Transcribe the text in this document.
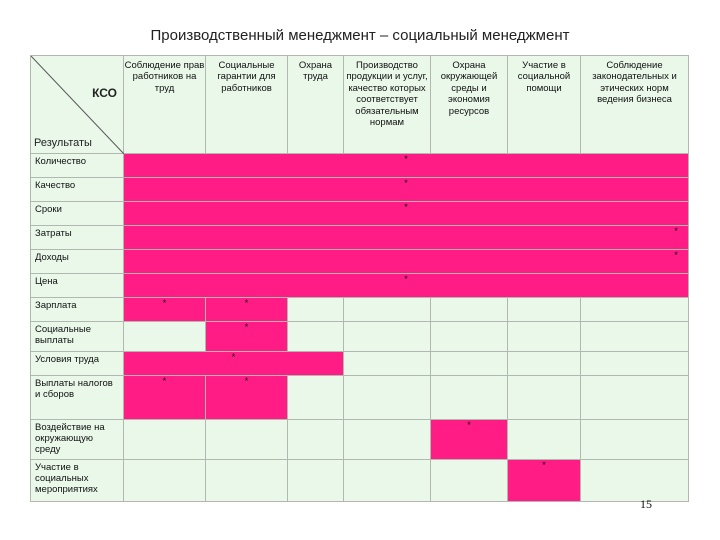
Производственный менеджмент – социальный менеджмент
КСО
Результаты	Соблюдение прав работников на труд	Социальные гарантии для работников	Охрана труда	Производство продукции и услуг, качество которых соответствует обязательным нормам	Охрана окружающей среды и экономия ресурсов	Участие в социальной помощи	Соблюдение законодательных и этических норм ведения бизнеса
Количество	*						
Качество	*						
Сроки	*						
Затраты	*						
Доходы	*						
Цена	*						
Зарплата	*	*					
Социальные выплаты		*					
Условия труда	*						
Выплаты налогов и сборов	*	*					
Воздействие на окружающую среду					*		
Участие в социальных мероприятиях						*	
15
